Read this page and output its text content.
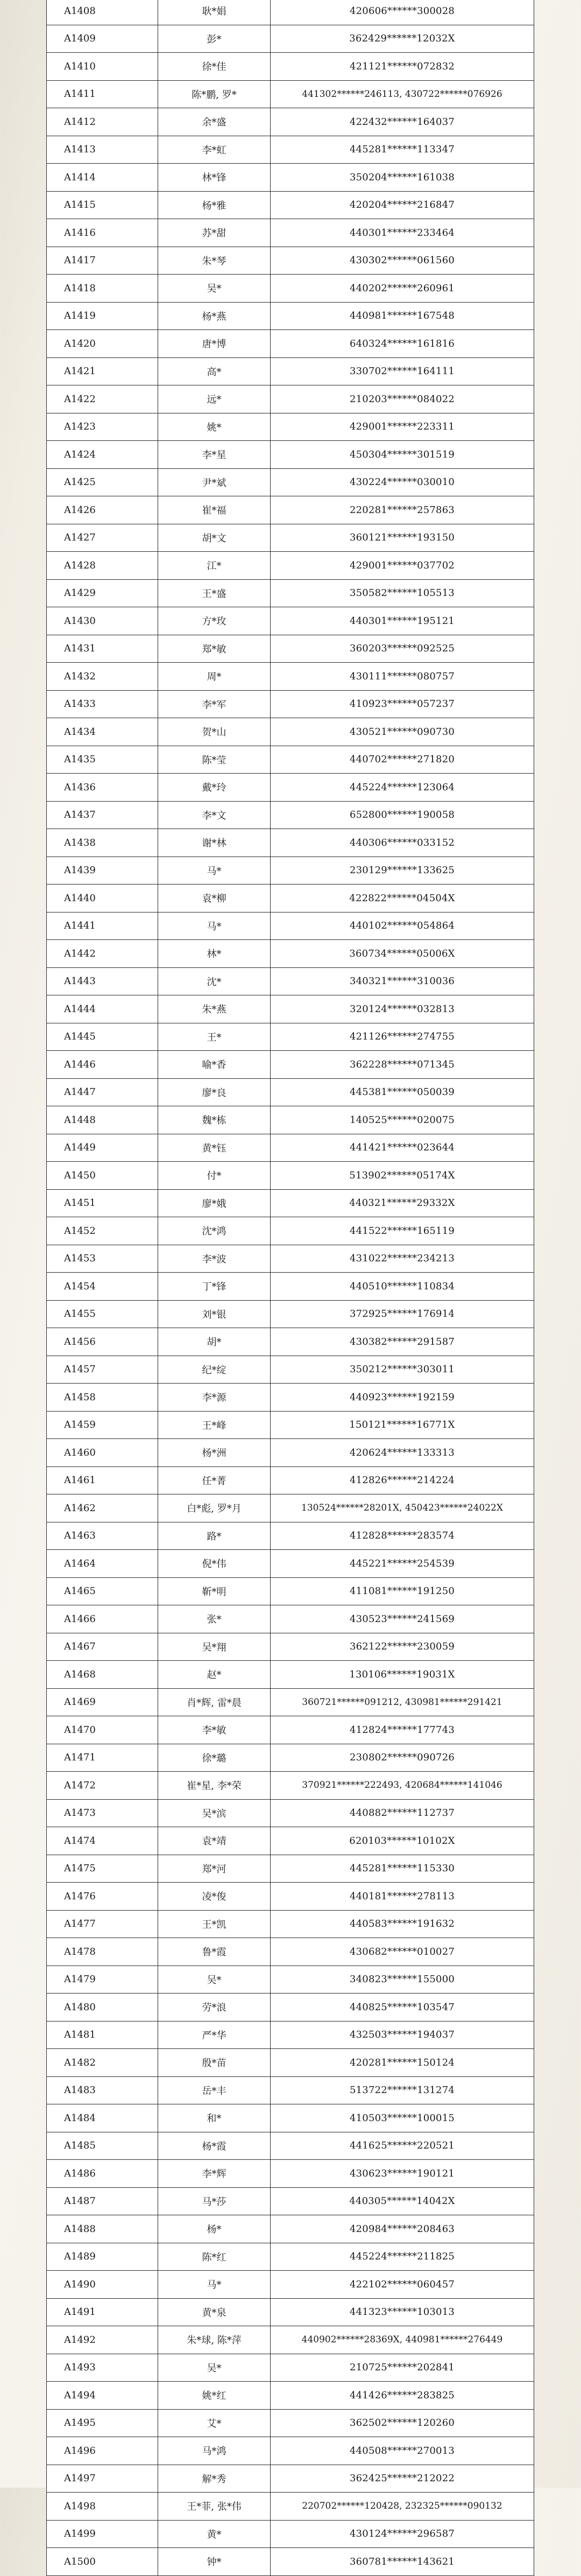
A1408	耿*娟	420606******300028
A1409	彭*	362429******12032X
A1410	徐*佳	421121******072832
A1411	陈*鹏, 罗*	441302******246113, 430722******076926
A1412	余*盛	422432******164037
A1413	李*虹	445281******113347
A1414	林*锋	350204******161038
A1415	杨*雅	420204******216847
A1416	苏*甜	440301******233464
A1417	朱*琴	430302******061560
A1418	吴*	440202******260961
A1419	杨*燕	440981******167548
A1420	唐*博	640324******161816
A1421	高*	330702******164111
A1422	远*	210203******084022
A1423	姚*	429001******223311
A1424	李*星	450304******301519
A1425	尹*斌	430224******030010
A1426	崔*福	220281******257863
A1427	胡*文	360121******193150
A1428	江*	429001******037702
A1429	王*盛	350582******105513
A1430	方*玫	440301******195121
A1431	郑*敏	360203******092525
A1432	周*	430111******080757
A1433	李*军	410923******057237
A1434	贺*山	430521******090730
A1435	陈*莹	440702******271820
A1436	戴*玲	445224******123064
A1437	李*文	652800******190058
A1438	谢*林	440306******033152
A1439	马*	230129******133625
A1440	袁*柳	422822******04504X
A1441	马*	440102******054864
A1442	林*	360734******05006X
A1443	沈*	340321******310036
A1444	朱*燕	320124******032813
A1445	王*	421126******274755
A1446	喻*香	362228******071345
A1447	廖*良	445381******050039
A1448	魏*栋	140525******020075
A1449	黄*钰	441421******023644
A1450	付*	513902******05174X
A1451	廖*娥	440321******29332X
A1452	沈*鸿	441522******165119
A1453	李*波	431022******234213
A1454	丁*锋	440510******110834
A1455	刘*银	372925******176914
A1456	胡*	430382******291587
A1457	纪*绽	350212******303011
A1458	李*源	440923******192159
A1459	王*峰	150121******16771X
A1460	杨*洲	420624******133313
A1461	任*菁	412826******214224
A1462	白*彪, 罗*月	130524******28201X, 450423******24022X
A1463	路*	412828******283574
A1464	倪*伟	445221******254539
A1465	靳*明	411081******191250
A1466	张*	430523******241569
A1467	吴*翔	362122******230059
A1468	赵*	130106******19031X
A1469	肖*辉, 雷*晨	360721******091212, 430981******291421
A1470	李*敏	412824******177743
A1471	徐*璐	230802******090726
A1472	崔*星, 李*荣	370921******222493, 420684******141046
A1473	吴*滨	440882******112737
A1474	袁*靖	620103******10102X
A1475	郑*河	445281******115330
A1476	凌*俊	440181******278113
A1477	王*凯	440583******191632
A1478	鲁*霞	430682******010027
A1479	吴*	340823******155000
A1480	劳*浪	440825******103547
A1481	严*华	432503******194037
A1482	殷*苗	420281******150124
A1483	岳*丰	513722******131274
A1484	和*	410503******100015
A1485	杨*霞	441625******220521
A1486	李*辉	430623******190121
A1487	马*莎	440305******14042X
A1488	杨*	420984******208463
A1489	陈*红	445224******211825
A1490	马*	422102******060457
A1491	黄*泉	441323******103013
A1492	朱*球, 陈*萍	440902******28369X, 440981******276449
A1493	吴*	210725******202841
A1494	姚*红	441426******283825
A1495	艾*	362502******120260
A1496	马*鸿	440508******270013
A1497	解*秀	362425******212022
A1498	王*菲, 张*伟	220702******120428, 232325******090132
A1499	黄*	430124******296587
A1500	钟*	360781******143621
